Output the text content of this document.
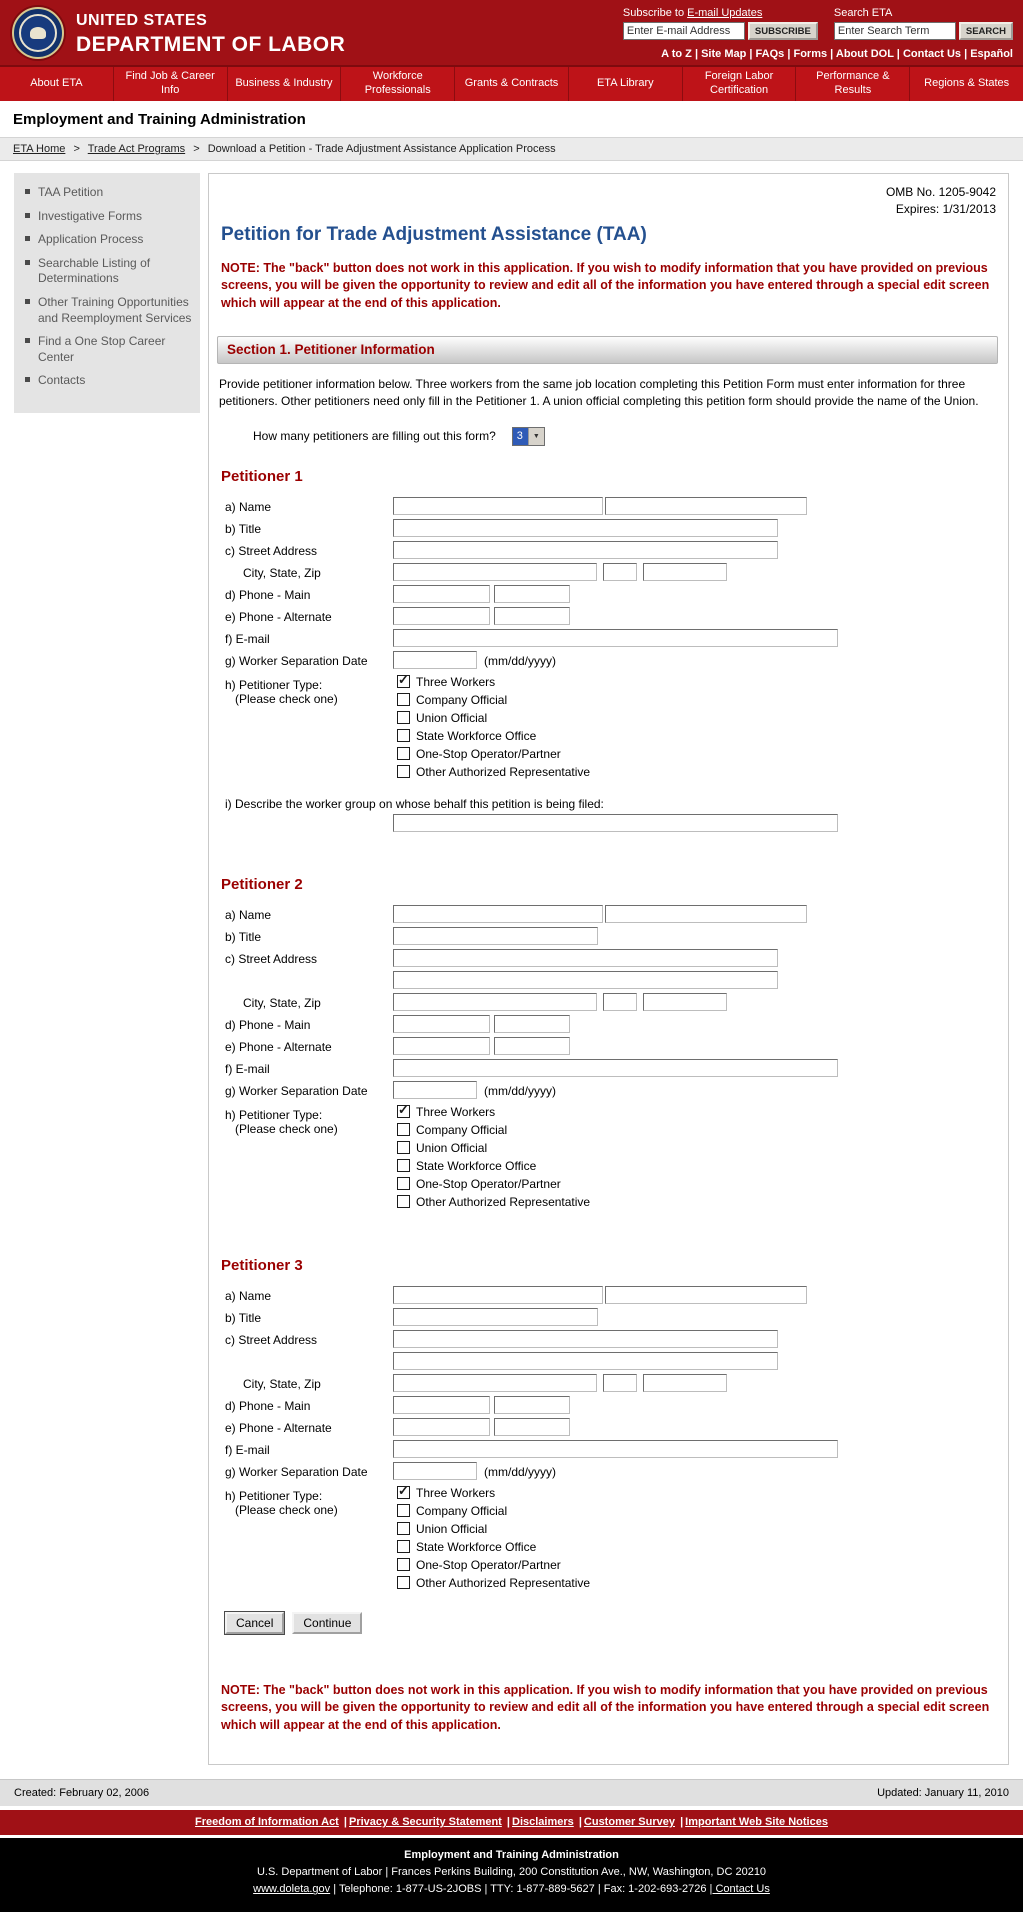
UNITED STATES
DEPARTMENT OF LABOR
Subscribe to E-mail Updates
Enter E-mail Address
SUBSCRIBE
Search ETA
Enter Search Term
SEARCH
A to Z | Site Map | FAQs | Forms | About DOL | Contact Us | Español
About ETA
Find Job & Career Info
Business & Industry
Workforce Professionals
Grants & Contracts	ETA Library
Foreign Labor Certification
Performance & Results
Regions & States
Employment and Training Administration
ETA Home > Trade Act Programs > Download a Petition - Trade Adjustment Assistance Application Process
TAA Petition
Investigative Forms
Application Process
Searchable Listing of Determinations
Other Training Opportunities and Reemployment Services
Find a One Stop Career Center
Contacts
OMB No. 1205-9042
Expires: 1/31/2013
Petition for Trade Adjustment Assistance (TAA)

NOTE: The "back" button does not work in this application. If you wish to modify information that you have provided on previous screens, you will be given the opportunity to review and edit all of the information you have entered through a special edit screen which will appear at the end of this application.

Section 1. Petitioner Information

Provide petitioner information below. Three workers from the same job location completing this Petition Form must enter information for three petitioners. Other petitioners need only fill in the Petitioner 1. A union official completing this petition form should provide the name of the Union.

How many petitioners are filling out this form?	3	▼
Petitioner 1
a) Name
b) Title
c) Street Address
City, State, Zip
d) Phone - Main
e) Phone - Alternate
f) E-mail
g) Worker Separation Date	(mm/dd/yyyy)
h) Petitioner Type:
(Please check one)
✓ Three Workers
Company Official
Union Official
State Workforce Office
One-Stop Operator/Partner
Other Authorized Representative
i) Describe the worker group on whose behalf this petition is being filed:
Petitioner 2
a) Name
b) Title
c) Street Address
City, State, Zip
d) Phone - Main
e) Phone - Alternate
f) E-mail
g) Worker Separation Date	(mm/dd/yyyy)
h) Petitioner Type:
(Please check one)
✓ Three Workers
Company Official
Union Official
State Workforce Office
One-Stop Operator/Partner
Other Authorized Representative
Petitioner 3
a) Name
b) Title
c) Street Address
City, State, Zip
d) Phone - Main
e) Phone - Alternate
f) E-mail
g) Worker Separation Date	(mm/dd/yyyy)
h) Petitioner Type:
(Please check one)
✓ Three Workers
Company Official
Union Official
State Workforce Office
One-Stop Operator/Partner
Other Authorized Representative
Cancel	Continue

NOTE: The "back" button does not work in this application. If you wish to modify information that you have provided on previous screens, you will be given the opportunity to review and edit all of the information you have entered through a special edit screen which will appear at the end of this application.

Created: February 02, 2006	Updated: January 11, 2010
Freedom of Information Act | Privacy & Security Statement | Disclaimers | Customer Survey | Important Web Site Notices
Employment and Training Administration
U.S. Department of Labor | Frances Perkins Building, 200 Constitution Ave., NW, Washington, DC 20210
www.doleta.gov | Telephone: 1-877-US-2JOBS | TTY: 1-877-889-5627 | Fax: 1-202-693-2726 | Contact Us
